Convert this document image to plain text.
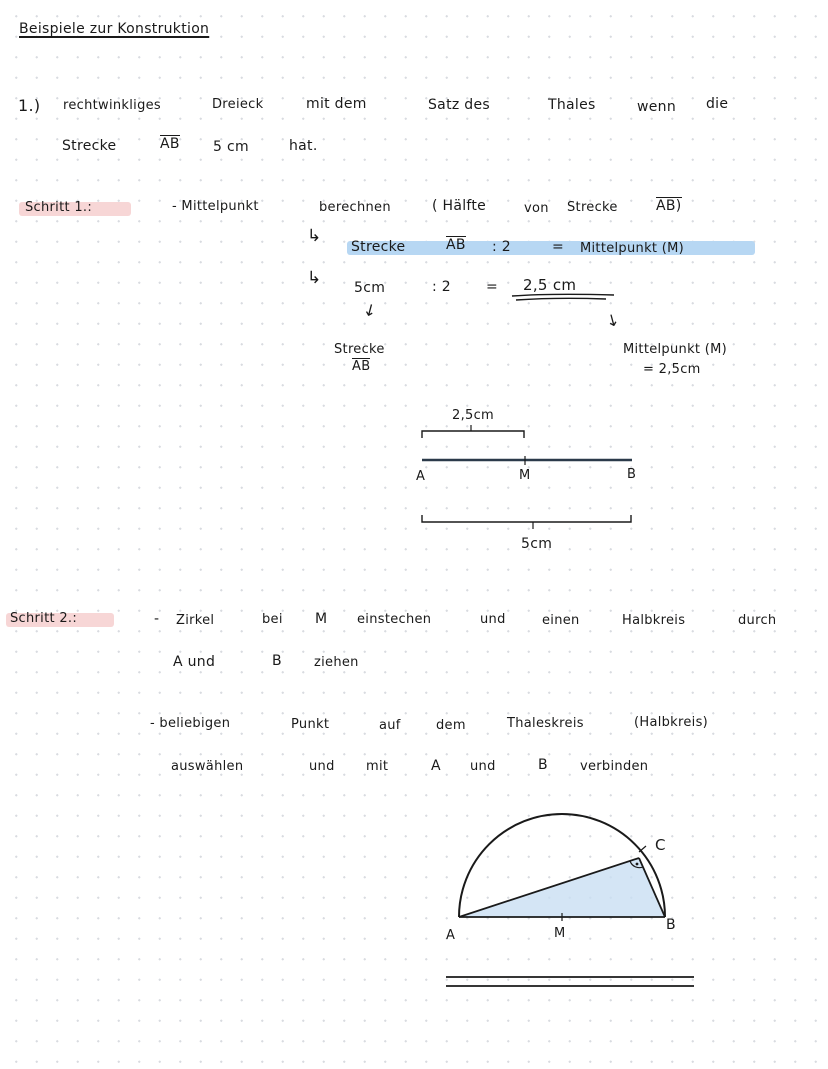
Beispiele zur Konstruktion
1.) rechtwinkliges	Dreieck	mit dem	Satz des	Thales	wenn die
Strecke	AB 5 cm	hat.
Schritt 1.:	- Mittelpunkt	berechnen	( Hälfte	von Strecke	AB)
↳
Strecke	AB : 2	= Mittelpunkt (M)
↳ 5cm	: 2	= 2,5 cm
↓
Strecke
AB
↓
Mittelpunkt (M)
= 2,5cm
2,5cm
A	M	B
5cm
Schritt 2.:	- Zirkel	bei M einstechen	und	einen	Halbkreis	durch
A und	B ziehen
- beliebigen	Punkt	auf	dem	Thaleskreis	(Halbkreis)
auswählen	und mit	A und	B verbinden
A	M
B
C
